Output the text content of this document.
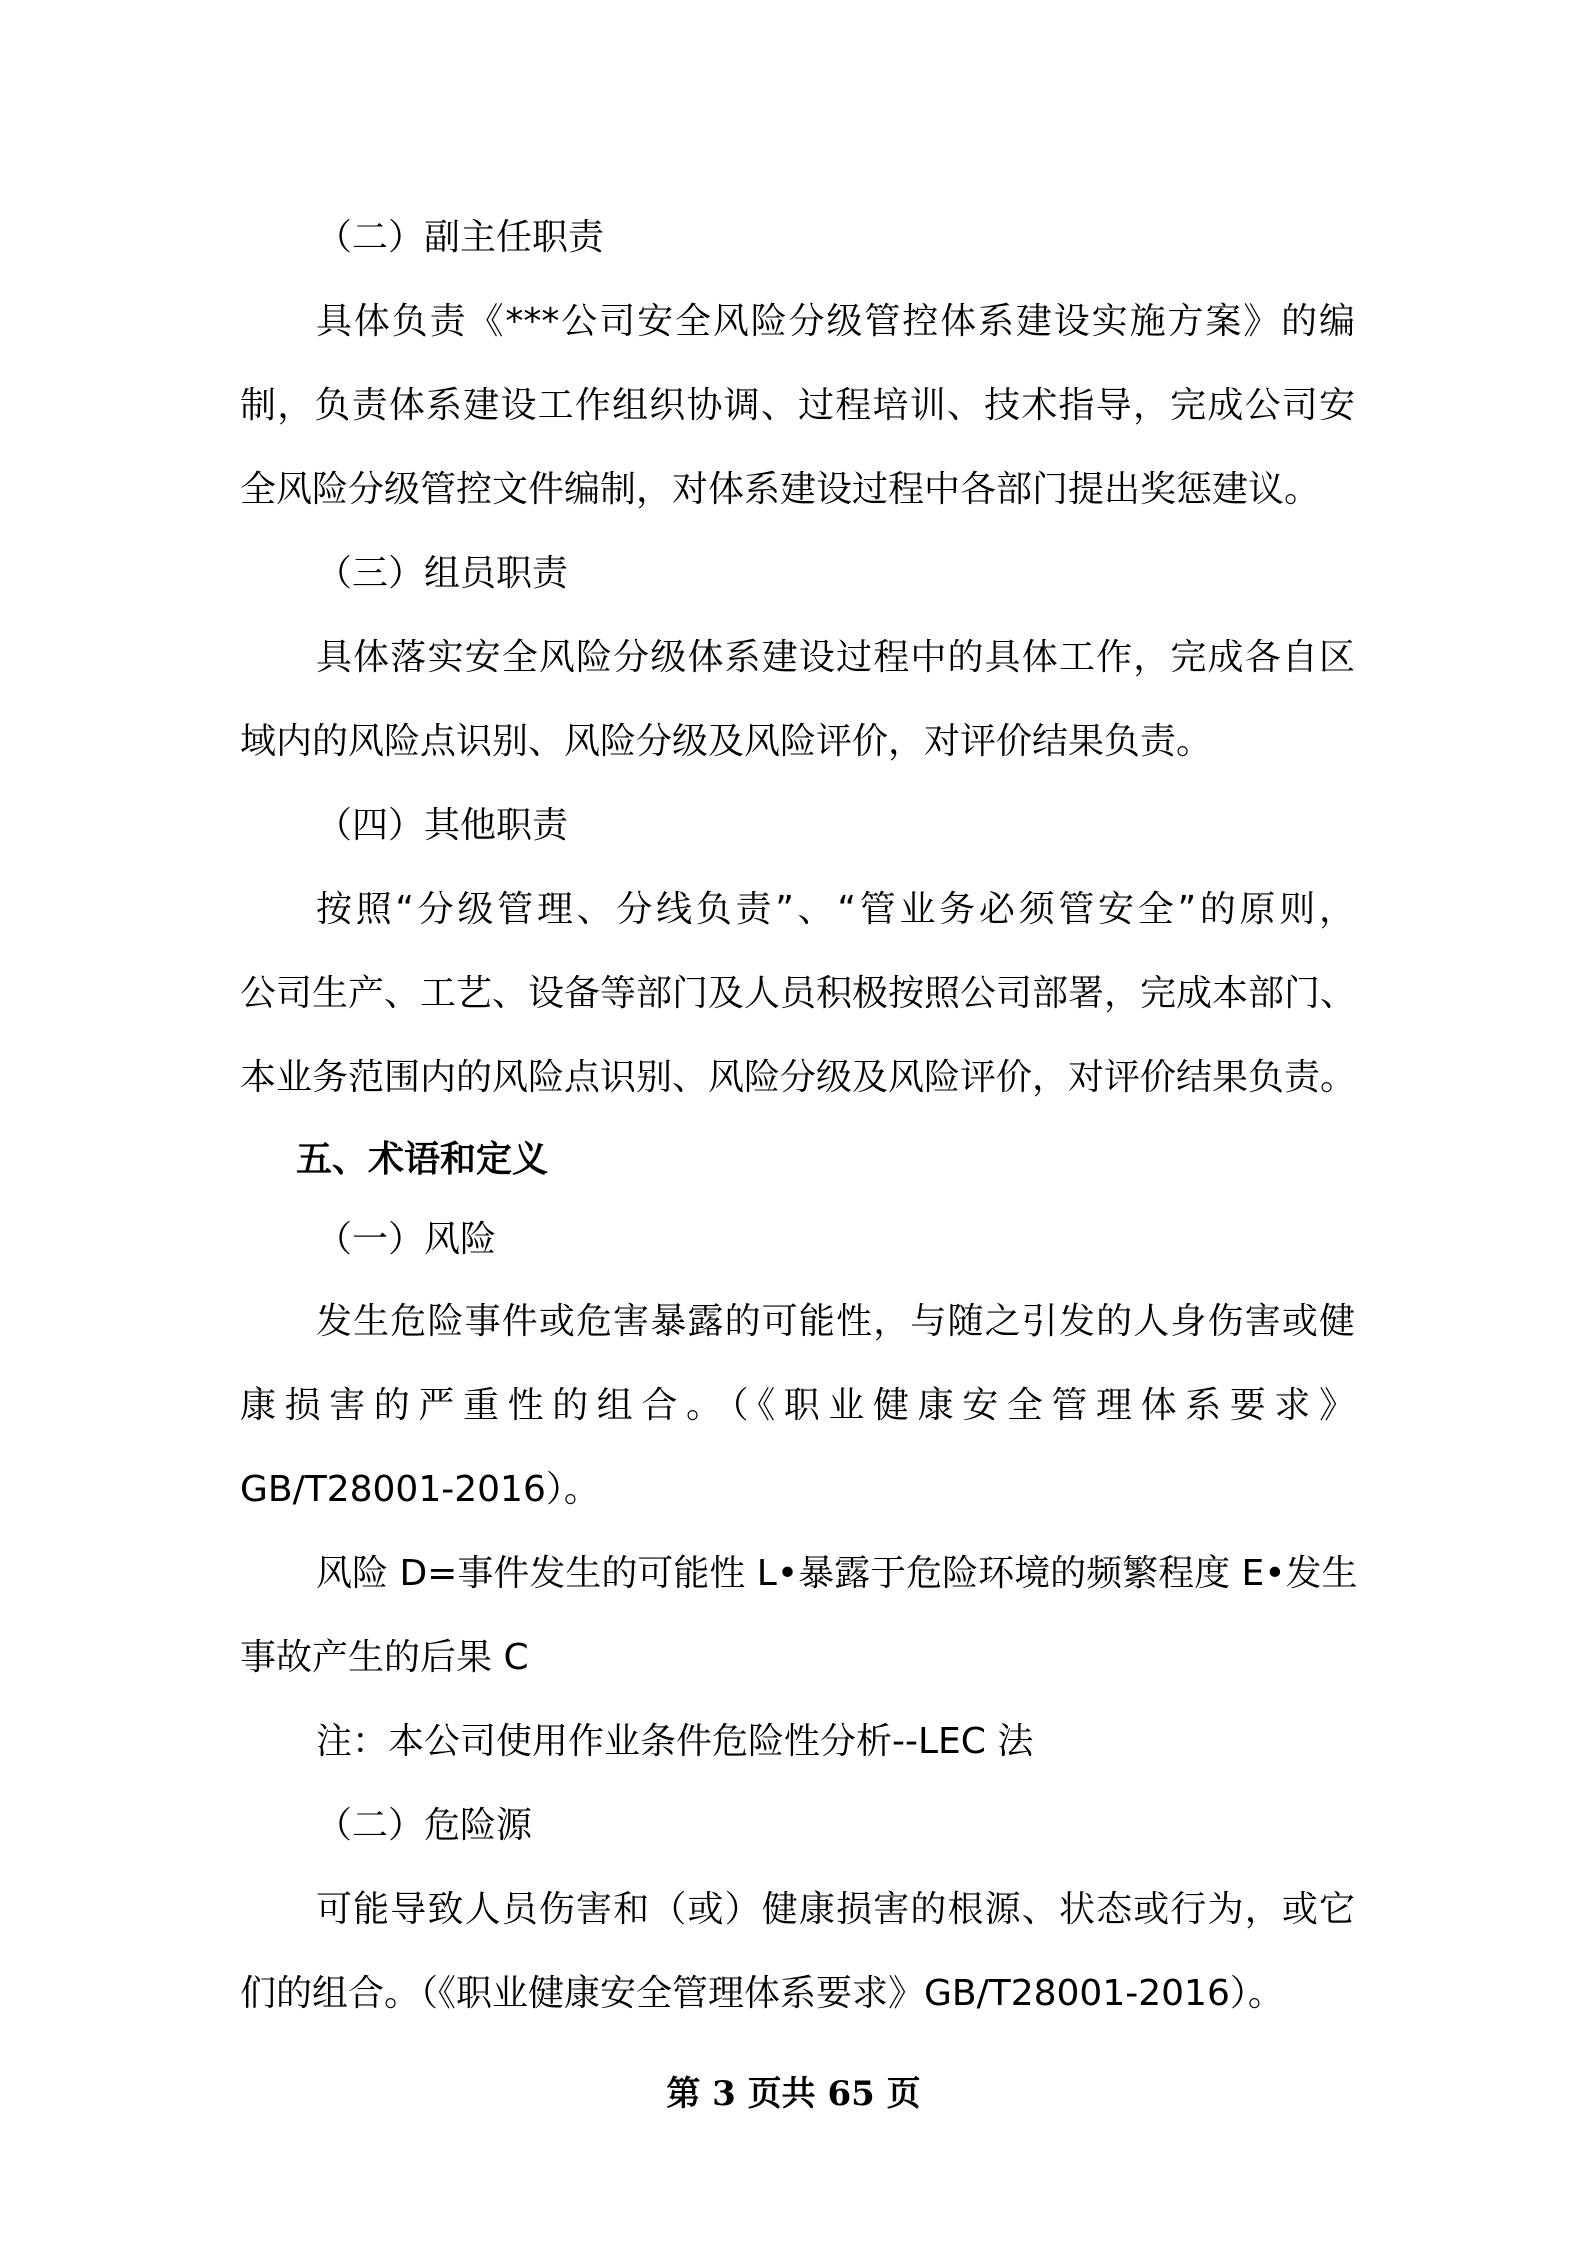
（二）副主任职责

具体负责《***公司安全风险分级管控体系建设实施方案》的编

制，负责体系建设工作组织协调、过程培训、技术指导，完成公司安

全风险分级管控文件编制，对体系建设过程中各部门提出奖惩建议。

（三）组员职责

具体落实安全风险分级体系建设过程中的具体工作，完成各自区

域内的风险点识别、风险分级及风险评价，对评价结果负责。

（四）其他职责

按照“分级管理、分线负责”、“管业务必须管安全”的原则，

公司生产、工艺、设备等部门及人员积极按照公司部署，完成本部门、

本业务范围内的风险点识别、风险分级及风险评价，对评价结果负责。

五、术语和定义

（一）风险

发生危险事件或危害暴露的可能性，与随之引发的人身伤害或健

康损害的严重性的组合。（《职业健康安全管理体系要求》

GB/T28001-2016）。

风险 D=事件发生的可能性 L•暴露于危险环境的频繁程度 E•发生

事故产生的后果 C

注：本公司使用作业条件危险性分析--LEC 法

（二）危险源

可能导致人员伤害和（或）健康损害的根源、状态或行为，或它

们的组合。（《职业健康安全管理体系要求》GB/T28001-2016）。

第 3 页共 65 页
